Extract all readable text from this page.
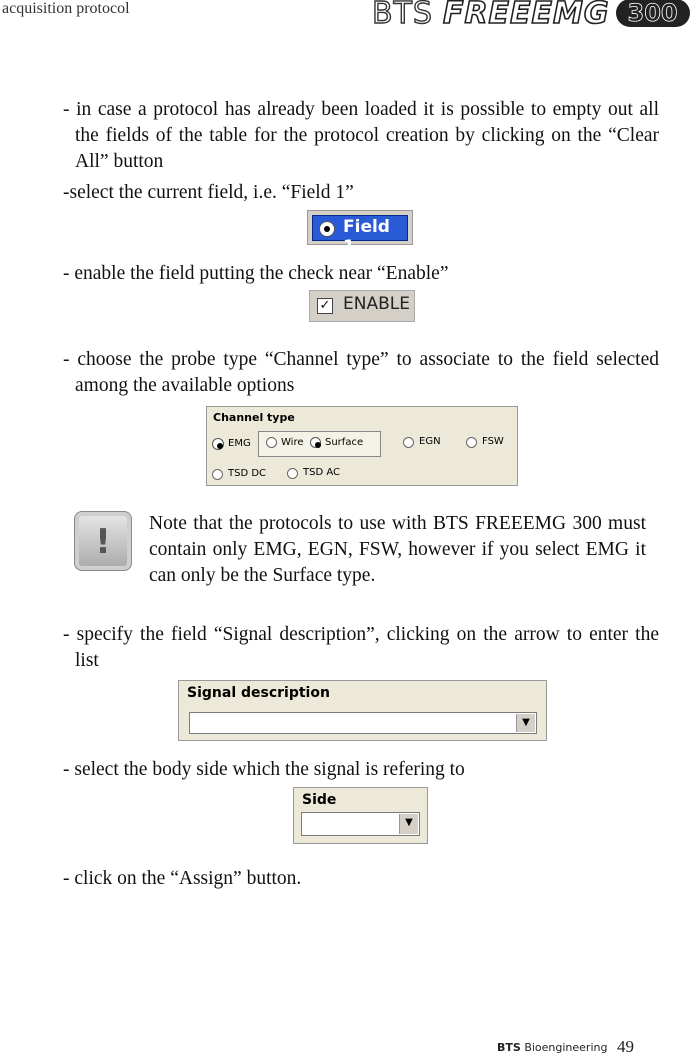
acquisition protocol	BTS FREEEMG 300
- in case a protocol has already been loaded it is possible to empty out all the fields of the table for the protocol creation by clicking on the “Clear All” button
-select the current field, i.e. “Field 1”
Field 1
- enable the field putting the check near “Enable”
✓ ENABLE
- choose the probe type “Channel type” to associate to the field selected among the available options
Channel type
EMG	Wire Surface	EGN	FSW
TSD DC	TSD AC
!	Note that the protocols to use with BTS FREEEMG 300 must contain only EMG, EGN, FSW, however if you select EMG it can only be the Surface type.
- specify the field “Signal description”, clicking on the arrow to enter the list
Signal description
▼
- select the body side which the signal is refering to
Side
▼
- click on the “Assign” button.
BTS Bioengineering 49
